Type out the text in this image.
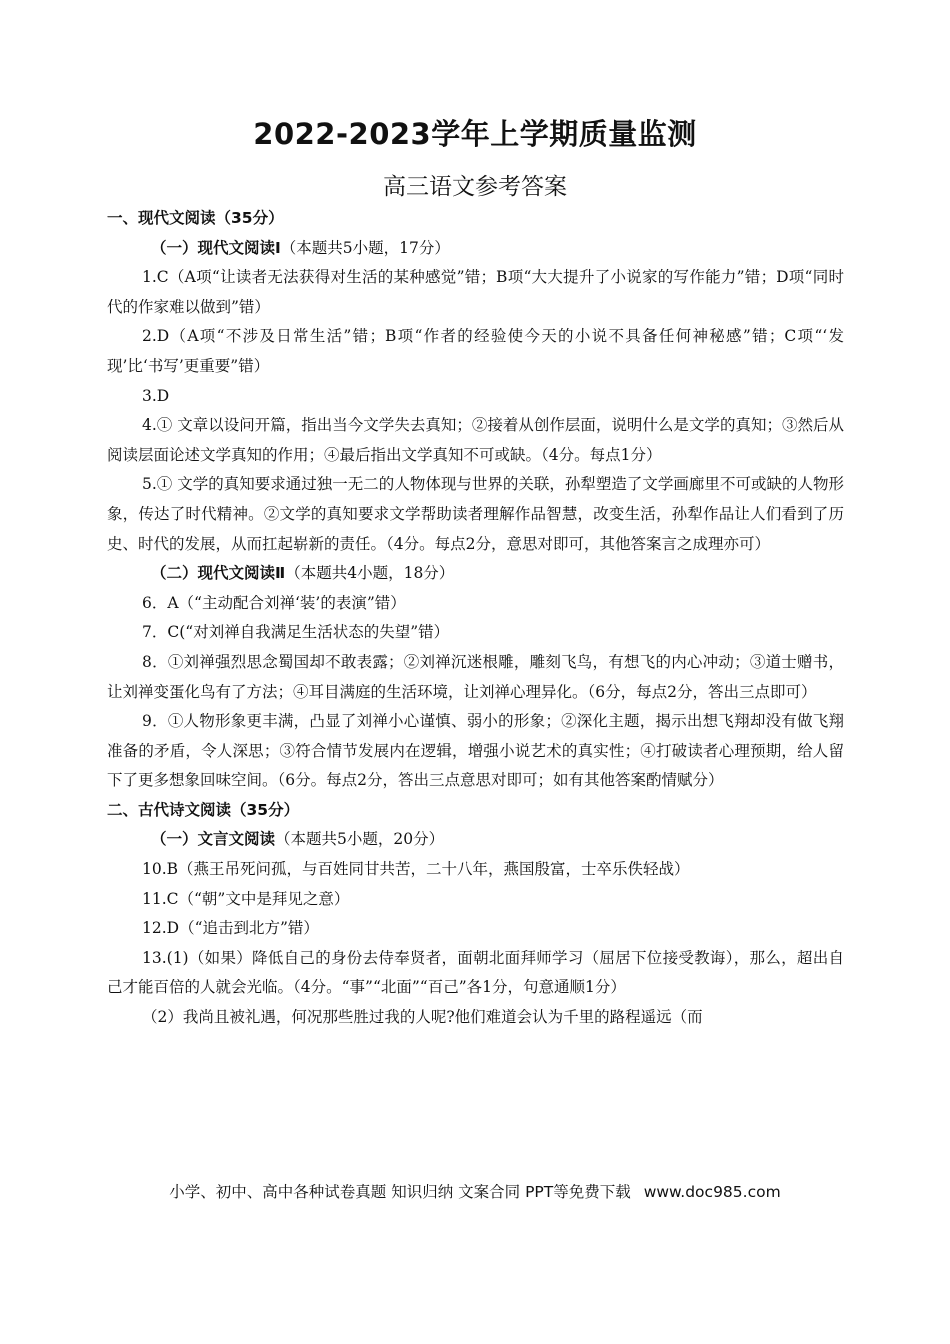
2022-2023学年上学期质量监测
高三语文参考答案

一、现代文阅读（35分）

（一）现代文阅读Ⅰ（本题共5小题，17分）

1.C（A项“让读者无法获得对生活的某种感觉”错；B项“大大提升了小说家的写作能力”错；D项“同时代的作家难以做到”错）

2.D（A项“不涉及日常生活”错；B项“作者的经验使今天的小说不具备任何神秘感”错；C项“‘发现’比‘书写’更重要”错）

3.D

4.① 文章以设问开篇，指出当今文学失去真知；②接着从创作层面，说明什么是文学的真知；③然后从阅读层面论述文学真知的作用；④最后指出文学真知不可或缺。（4分。每点1分）

5.① 文学的真知要求通过独一无二的人物体现与世界的关联，孙犁塑造了文学画廊里不可或缺的人物形象，传达了时代精神。②文学的真知要求文学帮助读者理解作品智慧，改变生活，孙犁作品让人们看到了历史、时代的发展，从而扛起崭新的责任。（4分。每点2分，意思对即可，其他答案言之成理亦可）

（二）现代文阅读Ⅱ（本题共4小题，18分）

6．A（“主动配合刘禅‘装’的表演”错）

7．C(“对刘禅自我满足生活状态的失望”错）

8．①刘禅强烈思念蜀国却不敢表露；②刘禅沉迷根雕，雕刻飞鸟，有想飞的内心冲动；③道士赠书，让刘禅变蛋化鸟有了方法；④耳目满庭的生活环境，让刘禅心理异化。（6分，每点2分，答出三点即可）

9．①人物形象更丰满，凸显了刘禅小心谨慎、弱小的形象；②深化主题，揭示出想飞翔却没有做飞翔准备的矛盾，令人深思；③符合情节发展内在逻辑，增强小说艺术的真实性；④打破读者心理预期，给人留下了更多想象回味空间。（6分。每点2分，答出三点意思对即可；如有其他答案酌情赋分）

二、古代诗文阅读（35分）

（一）文言文阅读（本题共5小题，20分）

10.B（燕王吊死问孤，与百姓同甘共苦，二十八年，燕国殷富，士卒乐佚轻战）

11.C（“朝”文中是拜见之意）

12.D（“追击到北方”错）

13.(1)（如果）降低自己的身份去侍奉贤者，面朝北面拜师学习（屈居下位接受教诲），那么，超出自己才能百倍的人就会光临。（4分。“事”“北面”“百己”各1分，句意通顺1分）

（2）我尚且被礼遇，何况那些胜过我的人呢?他们难道会认为千里的路程遥远（而

小学、初中、高中各种试卷真题 知识归纳 文案合同 PPT等免费下载 www.doc985.com
